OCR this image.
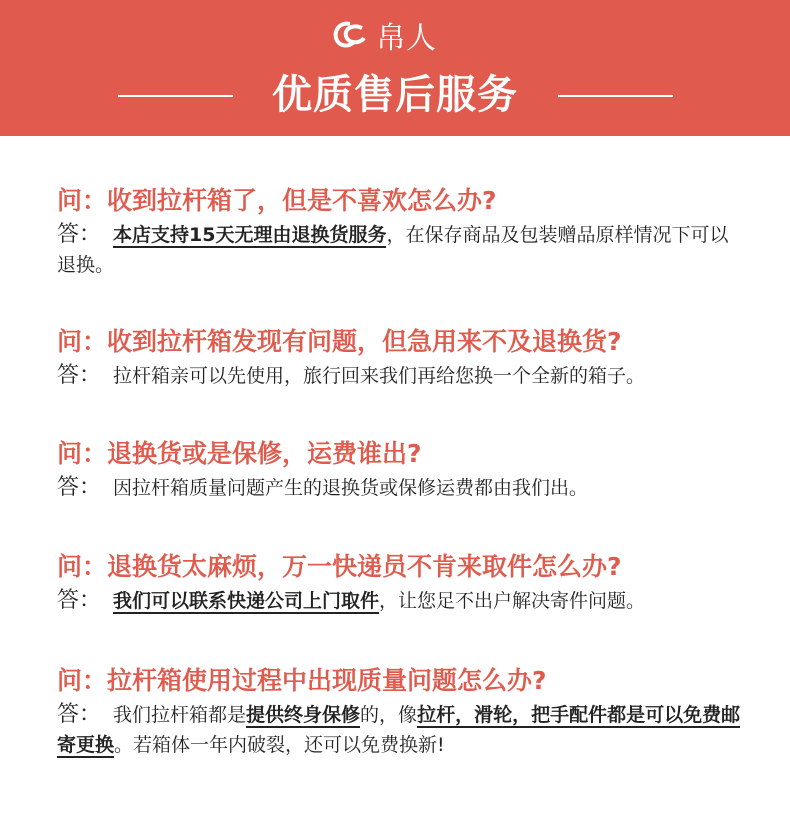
帛人
优质售后服务
问：收到拉杆箱了，但是不喜欢怎么办?
答： 本店支持15天无理由退换货服务，在保存商品及包装赠品原样情况下可以退换。
问：收到拉杆箱发现有问题，但急用来不及退换货?
答： 拉杆箱亲可以先使用，旅行回来我们再给您换一个全新的箱子。
问：退换货或是保修，运费谁出?
答： 因拉杆箱质量问题产生的退换货或保修运费都由我们出。
问：退换货太麻烦，万一快递员不肯来取件怎么办?
答： 我们可以联系快递公司上门取件，让您足不出户解决寄件问题。
问：拉杆箱使用过程中出现质量问题怎么办?
答： 我们拉杆箱都是提供终身保修的，像拉杆，滑轮，把手配件都是可以免费邮寄更换。若箱体一年内破裂，还可以免费换新!
